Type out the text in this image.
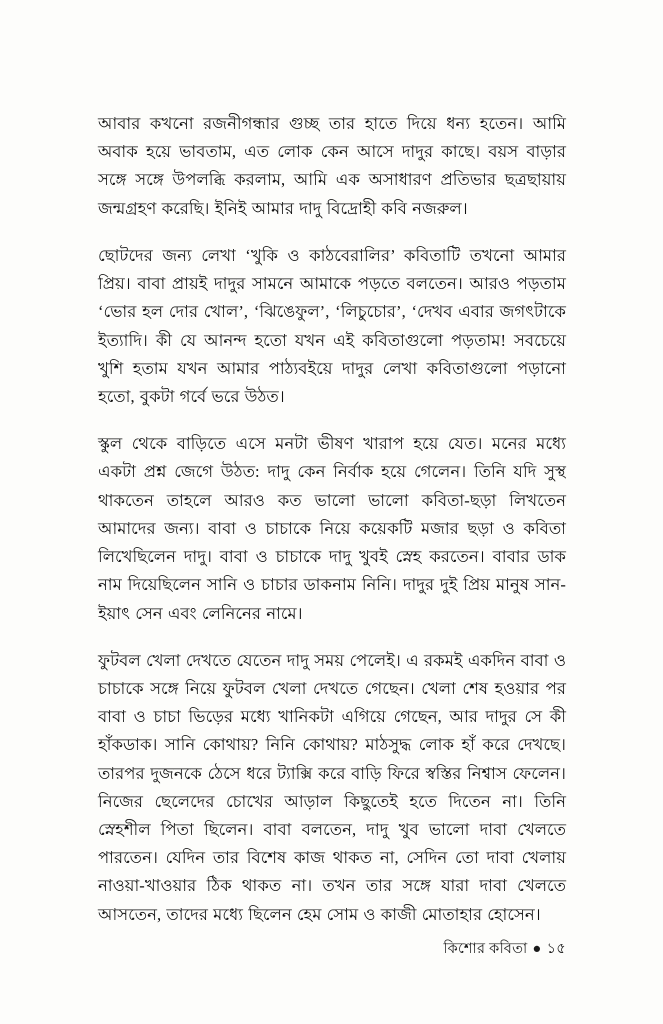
আবার কখনো রজনীগন্ধার গুচ্ছ তার হাতে দিয়ে ধন্য হতেন। আমি অবাক হয়ে ভাবতাম, এত লোক কেন আসে দাদুর কাছে। বয়স বাড়ার সঙ্গে সঙ্গে উপলব্ধি করলাম, আমি এক অসাধারণ প্রতিভার ছত্রছায়ায় জন্মগ্রহণ করেছি। ইনিই আমার দাদু বিদ্রোহী কবি নজরুল।

ছোটদের জন্য লেখা ‘খুকি ও কাঠবেরালির’ কবিতাটি তখনো আমার প্রিয়। বাবা প্রায়ই দাদুর সামনে আমাকে পড়তে বলতেন। আরও পড়তাম ‘ভোর হল দোর খোল’, ‘ঝিঙেফুল’, ‘লিচুচোর’, ‘দেখব এবার জগৎটাকে ইত্যাদি। কী যে আনন্দ হতো যখন এই কবিতাগুলো পড়তাম! সবচেয়ে খুশি হতাম যখন আমার পাঠ্যবইয়ে দাদুর লেখা কবিতাগুলো পড়ানো হতো, বুকটা গর্বে ভরে উঠত।

স্কুল থেকে বাড়িতে এসে মনটা ভীষণ খারাপ হয়ে যেত। মনের মধ্যে একটা প্রশ্ন জেগে উঠত: দাদু কেন নির্বাক হয়ে গেলেন। তিনি যদি সুস্থ থাকতেন তাহলে আরও কত ভালো ভালো কবিতা-ছড়া লিখতেন আমাদের জন্য। বাবা ও চাচাকে নিয়ে কয়েকটি মজার ছড়া ও কবিতা লিখেছিলেন দাদু। বাবা ও চাচাকে দাদু খুবই স্নেহ করতেন। বাবার ডাক নাম দিয়েছিলেন সানি ও চাচার ডাকনাম নিনি। দাদুর দুই প্রিয় মানুষ সান-ইয়াৎ সেন এবং লেনিনের নামে।

ফুটবল খেলা দেখতে যেতেন দাদু সময় পেলেই। এ রকমই একদিন বাবা ও চাচাকে সঙ্গে নিয়ে ফুটবল খেলা দেখতে গেছেন। খেলা শেষ হওয়ার পর বাবা ও চাচা ভিড়ের মধ্যে খানিকটা এগিয়ে গেছেন, আর দাদুর সে কী হাঁকডাক। সানি কোথায়? নিনি কোথায়? মাঠসুদ্ধ লোক হাঁ করে দেখছে। তারপর দুজনকে ঠেসে ধরে ট্যাক্সি করে বাড়ি ফিরে স্বস্তির নিশ্বাস ফেলেন। নিজের ছেলেদের চোখের আড়াল কিছুতেই হতে দিতেন না। তিনি স্নেহশীল পিতা ছিলেন। বাবা বলতেন, দাদু খুব ভালো দাবা খেলতে পারতেন। যেদিন তার বিশেষ কাজ থাকত না, সেদিন তো দাবা খেলায় নাওয়া-খাওয়ার ঠিক থাকত না। তখন তার সঙ্গে যারা দাবা খেলতে আসতেন, তাদের মধ্যে ছিলেন হেম সোম ও কাজী মোতাহার হোসেন।

কিশোর কবিতা ● ১৫
